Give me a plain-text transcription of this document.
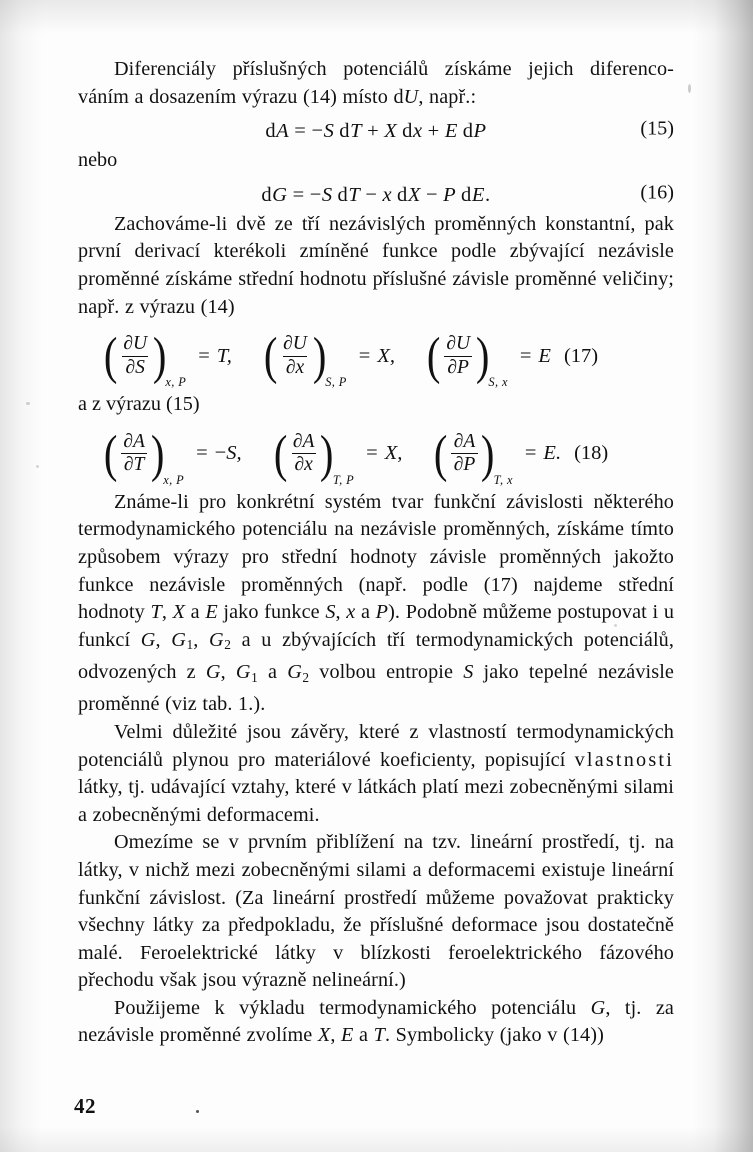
Diferenciály příslušných potenciálů získáme jejich diferenco- váním a dosazením výrazu (14) místo dU, např.:

dA = −S  dT + X  dx + E  dP	(15)

nebo

dG = −S  dT − x  dX − P  dE.	(16)

Zachováme-li dvě ze tří nezávislých proměnných konstantní, pak první derivací kterékoli zmíněné funkce podle zbývající nezávisle proměnné získáme střední hodnotu příslušné závisle proměnné veličiny; např. z výrazu (14)

( $\frac{\partial U}{\partial S}$ )
x, P
= T, ( $\frac{\partial U}{\partial x}$ )
S, P
= X, ( $\frac{\partial U}{\partial P}$ )
S, x
= E (17)

a z výrazu (15)

( $\frac{\partial A}{\partial T}$ )
x, P
= − S, ( $\frac{\partial A}{\partial x}$ )
T, P
= X, ( $\frac{\partial A}{\partial P}$ )
T, x
= E. (18)

Známe-li pro konkrétní systém tvar funkční závislosti některého termodynamického potenciálu na nezávisle proměnných, získáme tímto způsobem výrazy pro střední hodnoty závisle proměnných jakožto funkce nezávisle proměnných (např. podle (17) najdeme střední hodnoty T, X a E jako funkce S, x a P). Podobně můžeme postupovat i u funkcí G, $G_1$, $G_2$ a u zbývajících tří termodynamických potenciálů, odvozených z G, $G_1$ a $G_2$ volbou entropie S jako tepelné nezávisle proměnné (viz tab. 1.).

Velmi důležité jsou závěry, které z vlastností termodynamických potenciálů plynou pro materiálové koeficienty, popisující vlastnosti látky, tj. udávající vztahy, které v látkách platí mezi zobecněnými silami a zobecněnými deformacemi.

Omezíme se v prvním přiblížení na tzv. lineární prostředí, tj. na látky, v nichž mezi zobecněnými silami a deformacemi existuje lineární funkční závislost. (Za lineární prostředí můžeme považovat prakticky všechny látky za předpokladu, že příslušné deformace jsou dostatečně malé. Feroelektrické látky v blízkosti feroelektrického fázového přechodu však jsou výrazně nelineární.)

Použijeme k výkladu termodynamického potenciálu G, tj. za nezávisle proměnné zvolíme X, E a T. Symbolicky (jako v (14))

42
